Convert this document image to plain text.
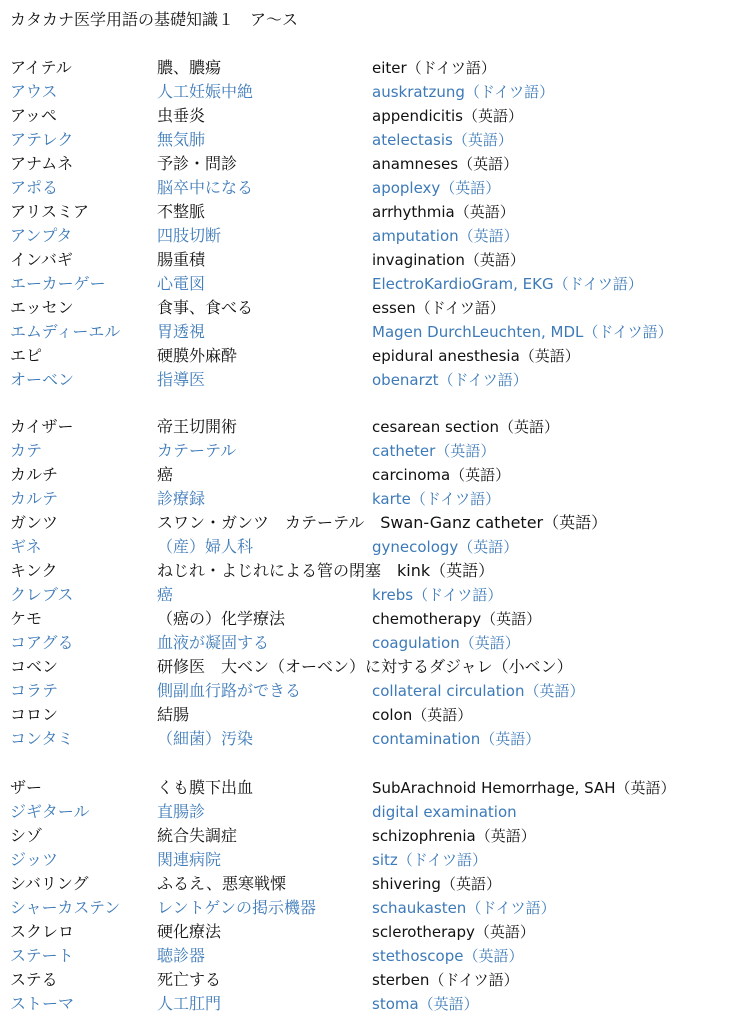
カタカナ医学用語の基礎知識１　ア～ス
アイテル	膿、膿瘍	eiter（ドイツ語）
アウス	人工妊娠中絶	auskratzung（ドイツ語）
アッペ	虫垂炎	appendicitis（英語）
アテレク	無気肺	atelectasis（英語）
アナムネ	予診・問診	anamneses（英語）
アポる	脳卒中になる	apoplexy（英語）
アリスミア	不整脈	arrhythmia（英語）
アンプタ	四肢切断	amputation（英語）
インバギ	腸重積	invagination（英語）
エーカーゲー	心電図	ElectroKardioGram, EKG（ドイツ語）
エッセン	食事、食べる	essen（ドイツ語）
エムディーエル 胃透視	Magen DurchLeuchten, MDL（ドイツ語）
エピ	硬膜外麻酔	epidural anesthesia（英語）
オーベン	指導医	obenarzt（ドイツ語）
カイザー	帝王切開術	cesarean section（英語）
カテ	カテーテル	catheter（英語）
カルチ	癌	carcinoma（英語）
カルテ	診療録	karte（ドイツ語）
ガンツ	スワン・ガンツ　カテーテル　Swan-Ganz catheter（英語）
ギネ	（産）婦人科	gynecology（英語）
キンク	ねじれ・よじれによる管の閉塞　kink（英語）
クレブス	癌	krebs（ドイツ語）
ケモ	（癌の）化学療法	chemotherapy（英語）
コアグる	血液が凝固する	coagulation（英語）
コベン	研修医　大ベン（オーベン）に対するダジャレ（小ベン）
コラテ	側副血行路ができる	collateral circulation（英語）
コロン	結腸	colon（英語）
コンタミ	（細菌）汚染	contamination（英語）
ザー	くも膜下出血	SubArachnoid Hemorrhage, SAH（英語）
ジギタール	直腸診	digital examination
シゾ	統合失調症	schizophrenia（英語）
ジッツ	関連病院	sitz（ドイツ語）
シバリング	ふるえ、悪寒戦慄	shivering（英語）
シャーカステン レントゲンの掲示機器	schaukasten（ドイツ語）
スクレロ	硬化療法	sclerotherapy（英語）
ステート	聴診器	stethoscope（英語）
ステる	死亡する	sterben（ドイツ語）
ストーマ	人工肛門	stoma（英語）
